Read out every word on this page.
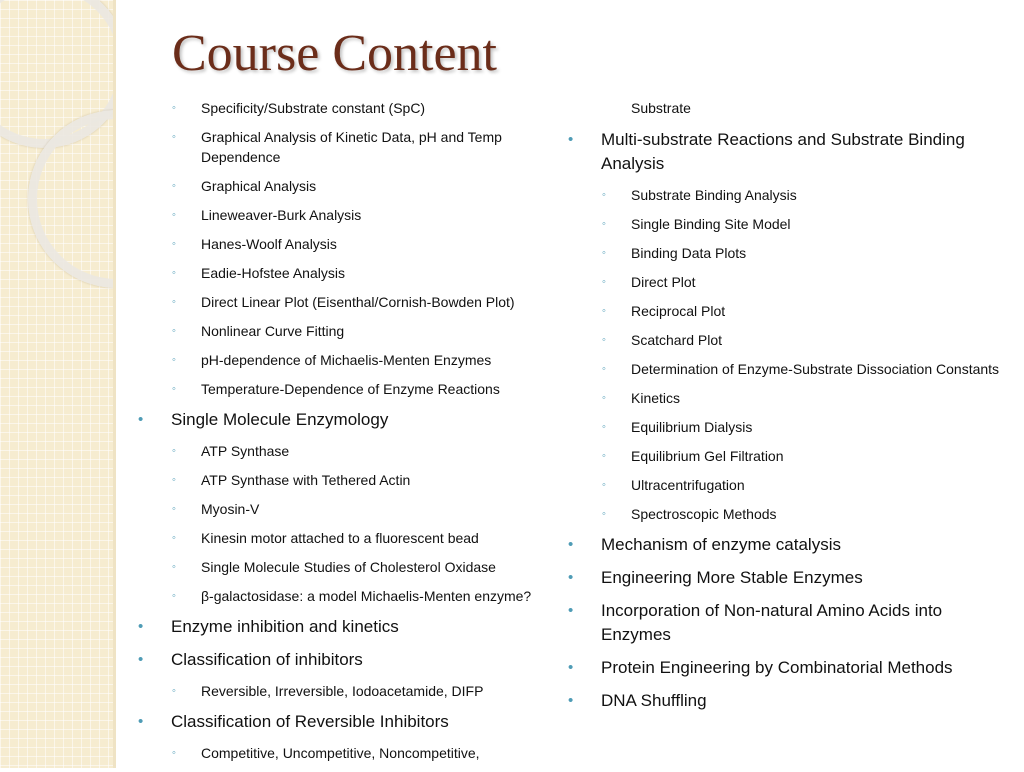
Course Content
◦ Specificity/Substrate constant (SpC)
◦ Graphical Analysis of Kinetic Data, pH and Temp Dependence
◦ Graphical Analysis
◦ Lineweaver-Burk Analysis
◦ Hanes-Woolf Analysis
◦ Eadie-Hofstee Analysis
◦ Direct Linear Plot (Eisenthal/Cornish-Bowden Plot)
◦ Nonlinear Curve Fitting
◦ pH-dependence of Michaelis-Menten Enzymes
◦ Temperature-Dependence of Enzyme Reactions
• Single Molecule Enzymology
◦ ATP Synthase
◦ ATP Synthase with Tethered Actin
◦ Myosin-V
◦ Kinesin motor attached to a fluorescent bead
◦ Single Molecule Studies of Cholesterol Oxidase
◦ β-galactosidase: a model Michaelis-Menten enzyme?
• Enzyme inhibition and kinetics
• Classification of inhibitors
◦ Reversible, Irreversible, Iodoacetamide, DIFP
• Classification of Reversible Inhibitors
◦ Competitive, Uncompetitive, Noncompetitive,
Substrate
• Multi-substrate Reactions and Substrate Binding Analysis
◦ Substrate Binding Analysis
◦ Single Binding Site Model
◦ Binding Data Plots
◦ Direct Plot
◦ Reciprocal Plot
◦ Scatchard Plot
◦ Determination of Enzyme-Substrate Dissociation Constants
◦ Kinetics
◦ Equilibrium Dialysis
◦ Equilibrium Gel Filtration
◦ Ultracentrifugation
◦ Spectroscopic Methods
• Mechanism of enzyme catalysis
• Engineering More Stable Enzymes
• Incorporation of Non-natural Amino Acids into Enzymes
• Protein Engineering by Combinatorial Methods
• DNA Shuffling
